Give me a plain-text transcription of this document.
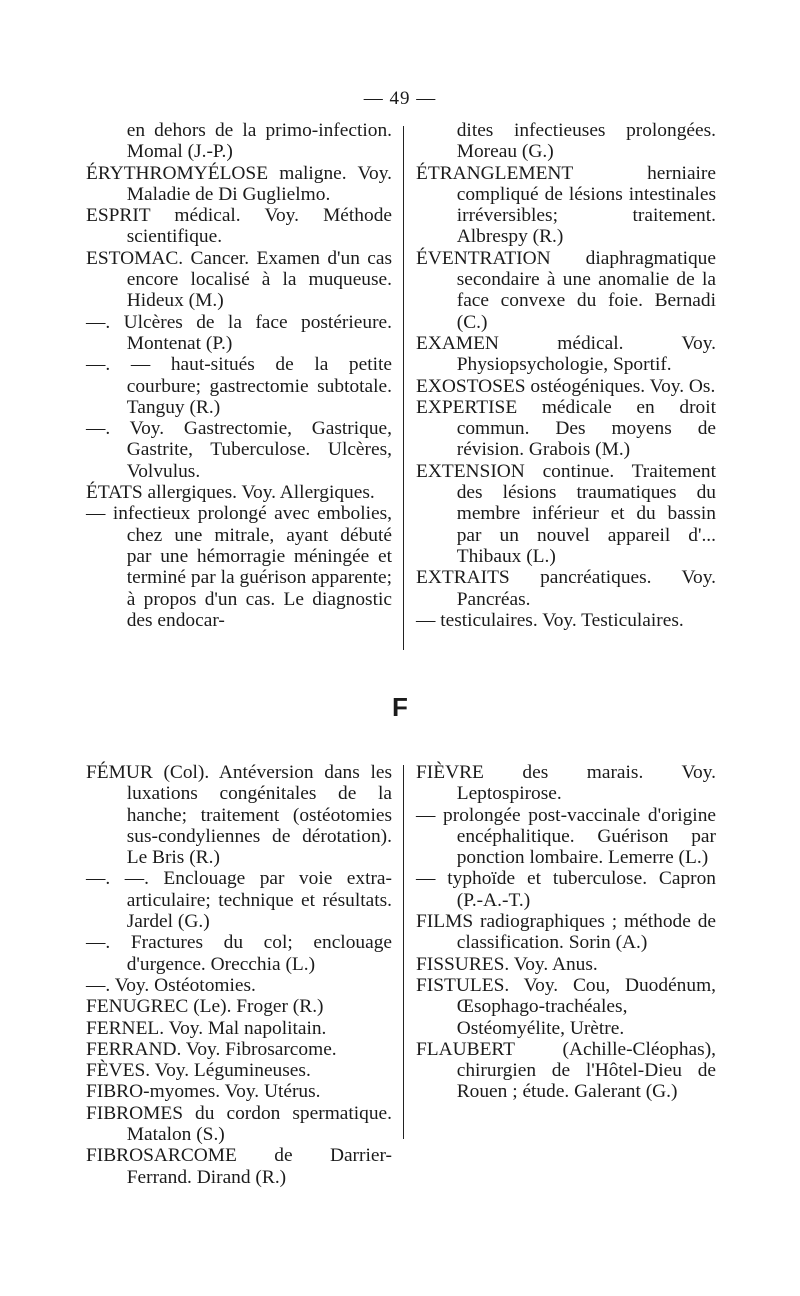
— 49 —

en dehors de la primo-infection. Momal (J.-P.)

ÉRYTHROMYÉLOSE maligne. Voy. Maladie de Di Guglielmo.

ESPRIT médical. Voy. Méthode scientifique.

ESTOMAC. Cancer. Examen d'un cas encore localisé à la muqueuse. Hideux (M.)

—. Ulcères de la face postérieure. Montenat (P.)

—. — haut-situés de la petite courbure; gastrectomie subtotale. Tanguy (R.)

—. Voy. Gastrectomie, Gastrique, Gastrite, Tuberculose. Ulcères, Volvulus.

ÉTATS allergiques. Voy. Allergiques.

— infectieux prolongé avec embolies, chez une mitrale, ayant débuté par une hémorragie méningée et terminé par la guérison apparente; à propos d'un cas. Le diagnostic des endocar-

dites infectieuses prolongées. Moreau (G.)

ÉTRANGLEMENT herniaire compliqué de lésions intestinales irréversibles; traitement. Albrespy (R.)

ÉVENTRATION diaphragmatique secondaire à une anomalie de la face convexe du foie. Bernadi (C.)

EXAMEN médical. Voy. Physiopsychologie, Sportif.

EXOSTOSES ostéogéniques. Voy. Os.

EXPERTISE médicale en droit commun. Des moyens de révision. Grabois (M.)

EXTENSION continue. Traitement des lésions traumatiques du membre inférieur et du bassin par un nouvel appareil d'... Thibaux (L.)

EXTRAITS pancréatiques. Voy. Pancréas.

— testiculaires. Voy. Testiculaires.

F

FÉMUR (Col). Antéversion dans les luxations congénitales de la hanche; traitement (ostéotomies sus-condyliennes de dérotation). Le Bris (R.)

—. —. Enclouage par voie extra-articulaire; technique et résultats. Jardel (G.)

—. Fractures du col; enclouage d'urgence. Orecchia (L.)

—. Voy. Ostéotomies.

FENUGREC (Le). Froger (R.)

FERNEL. Voy. Mal napolitain.

FERRAND. Voy. Fibrosarcome.

FÈVES. Voy. Légumineuses.

FIBRO-myomes. Voy. Utérus.

FIBROMES du cordon spermatique. Matalon (S.)

FIBROSARCOME de Darrier-Ferrand. Dirand (R.)

FIÈVRE des marais. Voy. Leptospirose.

— prolongée post-vaccinale d'origine encéphalitique. Guérison par ponction lombaire. Lemerre (L.)

— typhoïde et tuberculose. Capron (P.-A.-T.)

FILMS radiographiques ; méthode de classification. Sorin (A.)

FISSURES. Voy. Anus.

FISTULES. Voy. Cou, Duodénum, Œsophago-trachéales, Ostéomyélite, Urètre.

FLAUBERT (Achille-Cléophas), chirurgien de l'Hôtel-Dieu de Rouen ; étude. Galerant (G.)
